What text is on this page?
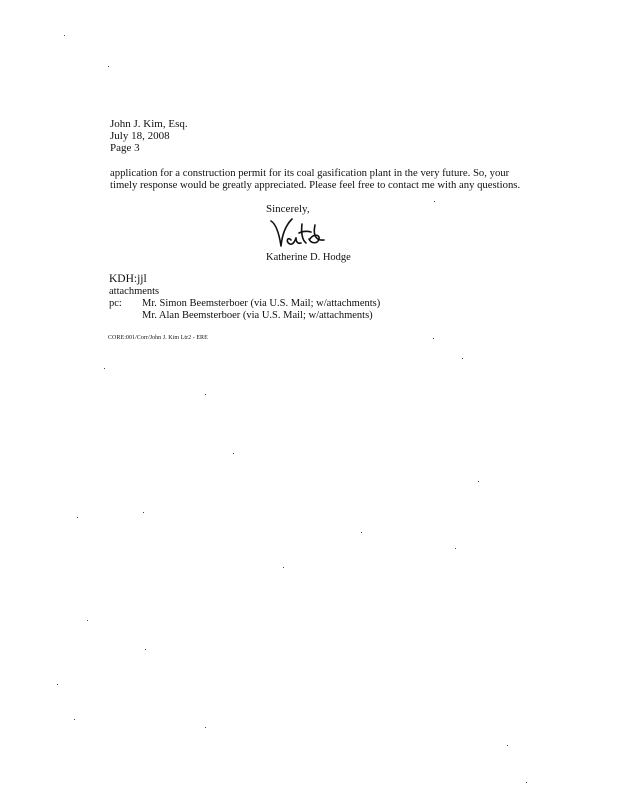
John J. Kim, Esq.
July 18, 2008
Page 3
application for a construction permit for its coal gasification plant in the very future. So, your
timely response would be greatly appreciated. Please feel free to contact me with any questions.
Sincerely,
Katherine D. Hodge
KDH:jjl
attachments
pc: Mr. Simon Beemsterboer (via U.S. Mail; w/attachments)
Mr. Alan Beemsterboer (via U.S. Mail; w/attachments)
CORE:001/Corr/John J. Kim Ltr2 - ERE
